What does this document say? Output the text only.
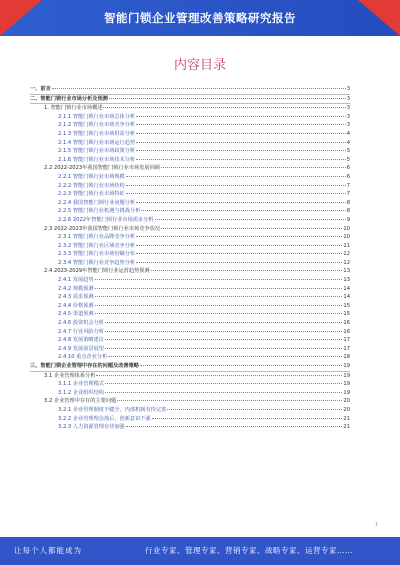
智能门锁企业管理改善策略研究报告
内容目录
一、前言	3
二、智能门锁行业市场分析及预测	3
1. 智能门锁行业市场概述	3
2.1.1 智能门锁行业市场总体分析	3
2.1.2 智能门锁行业市场竞争分析	3
2.1.3 智能门锁行业市场供需分析	4
2.1.4 智能门锁行业市场运行趋势	4
2.1.5 智能门锁行业市场政策分析	5
2.1.6 智能门锁行业市场技术分析	5
2.2 2022-2023年我国智能门锁行业市场发展回顾	6
2.2.1 智能门锁行业市场规模	6
2.2.2 智能门锁行业市场结构	7
2.2.3 智能门锁行业市场特征	7
2.2.4 我国智能门锁行业问题分析	8
2.2.5 智能门锁行业机遇与挑战分析	8
2.2.6 2022年智能门锁行业市场需求分析	9
2.3 2022-2023年我国智能门锁行业市场竞争状况	10
2.3.1 智能门锁行业品牌竞争分析	10
2.3.2 智能门锁行业区域竞争分析	11
2.3.3 智能门锁行业市场份额分布	12
2.3.4 智能门锁行业竞争趋势分析	12
2.4 2023-2029年智能门锁行业运营趋势预测	13
2.4.1 发展趋势	13
2.4.2 规模预测	14
2.4.3 需求预测	14
2.4.4 价格预测	15
2.4.5 渠道预测	15
2.4.6 投资机会分析	16
2.4.7 行业风险分析	16
2.4.8 发展策略建议	17
2.4.9 发展前景展望	17
2.4.10 重点企业分析	18
三、智能门锁企业管理中存在的问题及改善策略	19
3.1 企业管理体系分析	19
3.1.1 企业管理模式	19
3.1.2 企业组织结构	19
3.2 企业管理中存在的主要问题	20
3.2.1 企业管理制度不健全，内部机制有待完善	20
3.2.2 企业管理理念落后，创新意识不强	21
3.2.3 人力资源管理有待加强	21
1
让每个人都能成为	行业专家、管理专家、营销专家、战略专家、运营专家……
